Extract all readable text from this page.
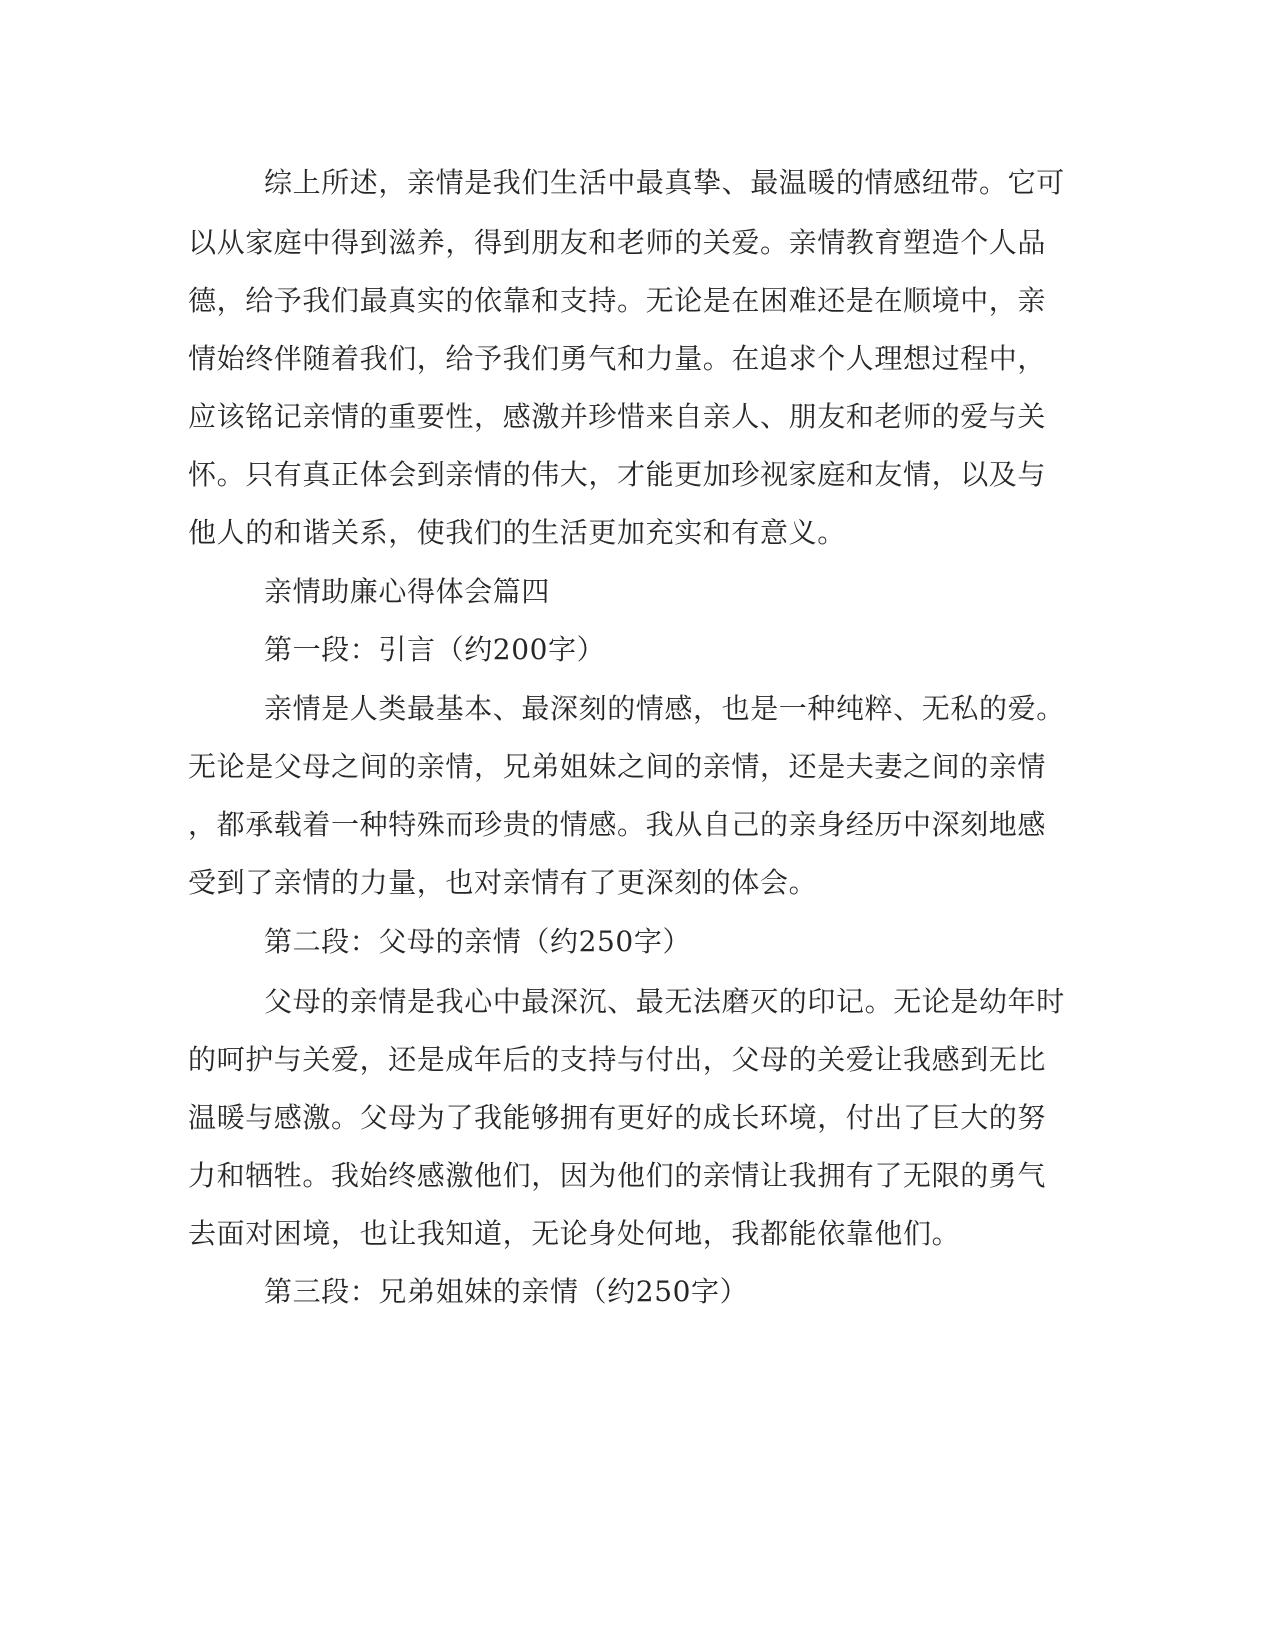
综上所述，亲情是我们生活中最真挚、最温暖的情感纽带。它可
以从家庭中得到滋养，得到朋友和老师的关爱。亲情教育塑造个人品
德，给予我们最真实的依靠和支持。无论是在困难还是在顺境中，亲
情始终伴随着我们，给予我们勇气和力量。在追求个人理想过程中，
应该铭记亲情的重要性，感激并珍惜来自亲人、朋友和老师的爱与关
怀。只有真正体会到亲情的伟大，才能更加珍视家庭和友情，以及与
他人的和谐关系，使我们的生活更加充实和有意义。
亲情助廉心得体会篇四
第一段：引言（约200字）
亲情是人类最基本、最深刻的情感，也是一种纯粹、无私的爱。
无论是父母之间的亲情，兄弟姐妹之间的亲情，还是夫妻之间的亲情
，都承载着一种特殊而珍贵的情感。我从自己的亲身经历中深刻地感
受到了亲情的力量，也对亲情有了更深刻的体会。
第二段：父母的亲情（约250字）
父母的亲情是我心中最深沉、最无法磨灭的印记。无论是幼年时
的呵护与关爱，还是成年后的支持与付出，父母的关爱让我感到无比
温暖与感激。父母为了我能够拥有更好的成长环境，付出了巨大的努
力和牺牲。我始终感激他们，因为他们的亲情让我拥有了无限的勇气
去面对困境，也让我知道，无论身处何地，我都能依靠他们。
第三段：兄弟姐妹的亲情（约250字）
